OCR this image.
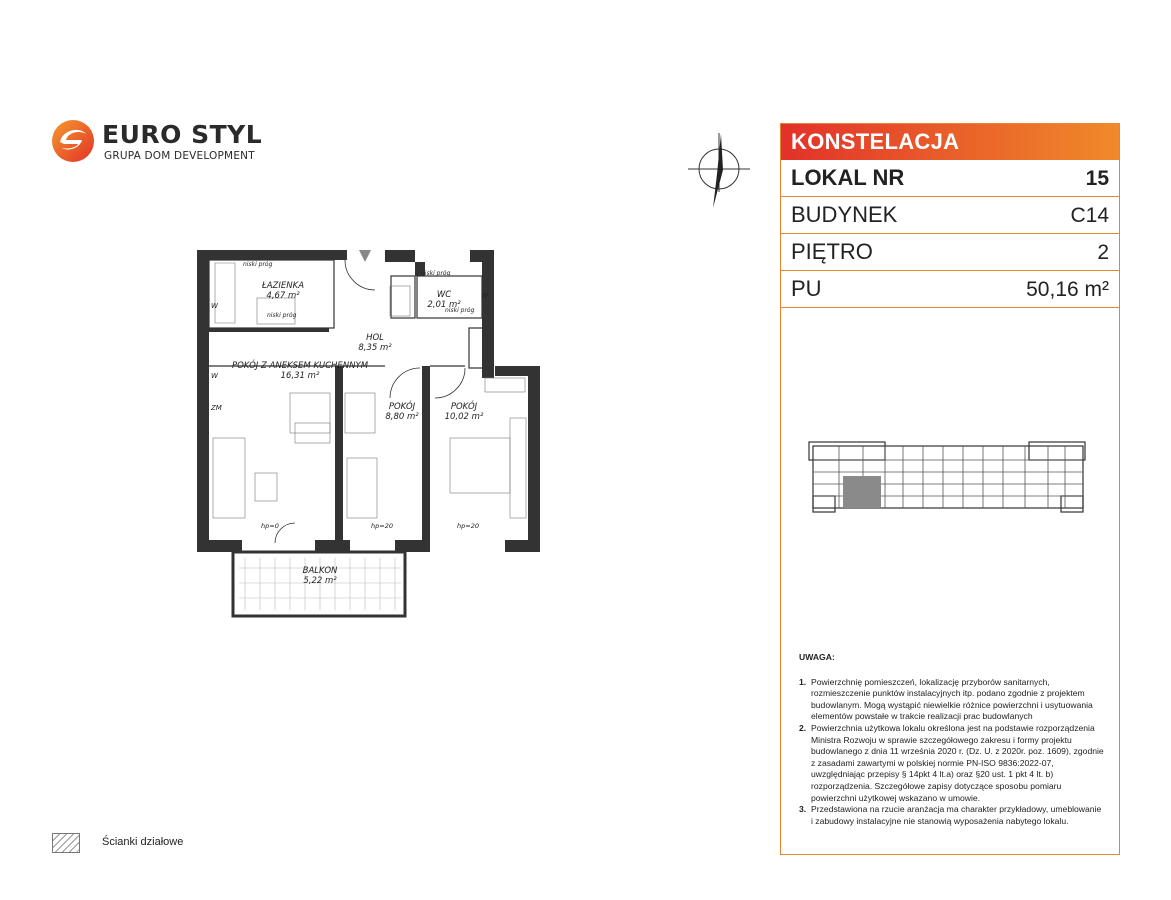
EURO STYL
GRUPA DOM DEVELOPMENT
KONSTELACJA
LOKAL NR	15
BUDYNEK	C14
PIĘTRO	2
PU	50,16 m²
UWAGA:
1. Powierzchnię pomieszczeń, lokalizację przyborów sanitarnych, rozmieszczenie punktów instalacyjnych itp. podano zgodnie z projektem budowlanym. Mogą wystąpić niewielkie różnice powierzchni i usytuowania elementów powstałe w trakcie realizacji prac budowlanych
2. Powierzchnia użytkowa lokalu określona jest na podstawie rozporządzenia Ministra Rozwoju w sprawie szczegółowego zakresu i formy projektu budowlanego z dnia 11 września 2020 r. (Dz. U. z 2020r. poz. 1609), zgodnie z zasadami zawartymi w polskiej normie PN-ISO 9836:2022-07, uwzględniając przepisy § 14pkt 4 lt.a) oraz §20 ust. 1 pkt 4 lt. b) rozporządzenia. Szczegółowe zapisy dotyczące sposobu pomiaru powierzchni użytkowej wskazano w umowie.
3. Przedstawiona na rzucie aranżacja ma charakter przykładowy, umeblowanie i zabudowy instalacyjne nie stanowią wyposażenia nabytego lokalu.
ŁAZIENKA
4,67 m²	WC
2,01 m²
HOL
8,35 m²
POKÓJ Z ANEKSEM KUCHENNYM
16,31 m²
POKÓJ
8,80 m²
POKÓJ
10,02 m²
BALKON
5,22 m²
niski próg
niski próg
niski próg
niski próg
hp=0	hp=20	hp=20
W
W
W
ZM
Ścianki działowe
